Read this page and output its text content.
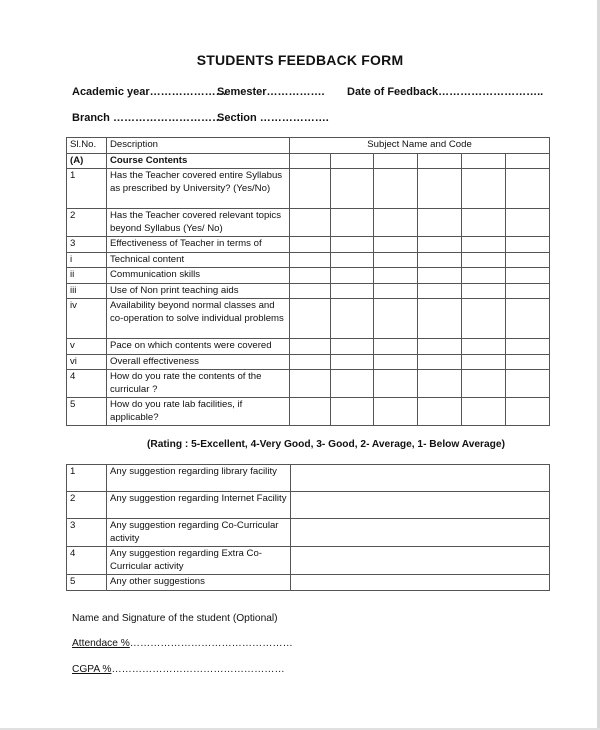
STUDENTS FEEDBACK FORM
Academic year…………………
Semester……………. Date of Feedback………………………..
Branch …………………………
Section ……………….
Sl.No.	Description	Subject Name and Code					
(A)	Course Contents						
1	Has the Teacher covered entire Syllabus as prescribed by University? (Yes/No)						
2	Has the Teacher covered relevant topics beyond Syllabus (Yes/ No)						
3	Effectiveness of Teacher in terms of						
i	Technical content						
ii	Communication skills						
iii	Use of Non print teaching aids						
iv	Availability beyond normal classes and co-operation to solve individual problems						
v	Pace on which contents were covered						
vi	Overall effectiveness						
4	How do you rate the contents of the curricular ?						
5	How do you rate lab facilities, if applicable?						
(Rating : 5-Excellent, 4-Very Good, 3- Good, 2- Average, 1- Below Average)
1	Any suggestion regarding library facility	
2	Any suggestion regarding Internet Facility	
3	Any suggestion regarding Co-Curricular activity	
4	Any suggestion regarding Extra Co-Curricular activity	
5	Any other suggestions	
Name and Signature of the student (Optional)
Attendace %…………………………………………
CGPA %……………………………………………
